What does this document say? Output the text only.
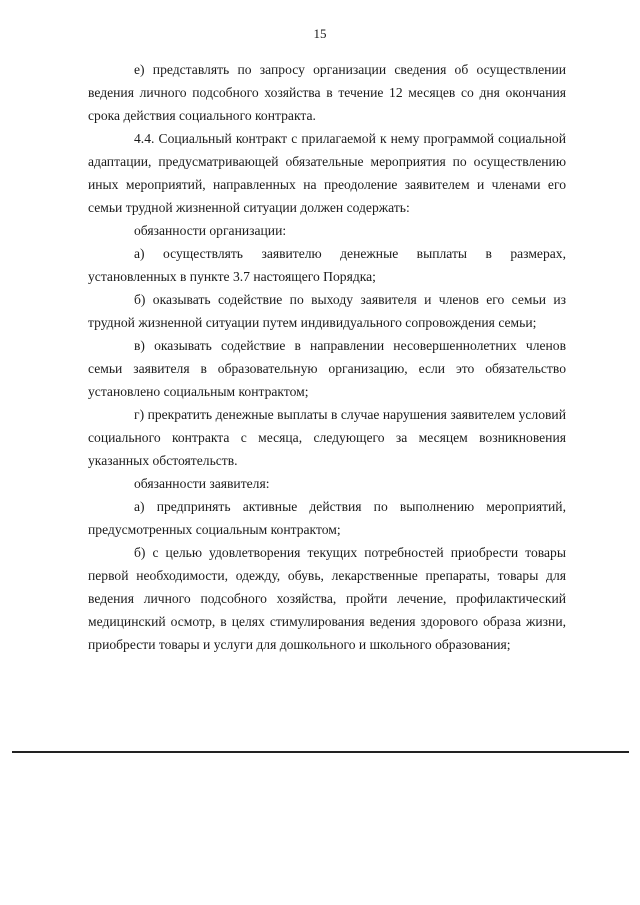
15

е) представлять по запросу организации сведения об осуществлении ведения личного подсобного хозяйства в течение 12 месяцев со дня окончания срока действия социального контракта.

4.4. Социальный контракт с прилагаемой к нему программой социальной адаптации, предусматривающей обязательные мероприятия по осуществлению иных мероприятий, направленных на преодоление заявителем и членами его семьи трудной жизненной ситуации должен содержать:

обязанности организации:

а) осуществлять заявителю денежные выплаты в размерах, установленных в пункте 3.7 настоящего Порядка;

б) оказывать содействие по выходу заявителя и членов его семьи из трудной жизненной ситуации путем индивидуального сопровождения семьи;

в) оказывать содействие в направлении несовершеннолетних членов семьи заявителя в образовательную организацию, если это обязательство установлено социальным контрактом;

г) прекратить денежные выплаты в случае нарушения заявителем условий социального контракта с месяца, следующего за месяцем возникновения указанных обстоятельств.

обязанности заявителя:

а) предпринять активные действия по выполнению мероприятий, предусмотренных социальным контрактом;

б) с целью удовлетворения текущих потребностей приобрести товары первой необходимости, одежду, обувь, лекарственные препараты, товары для ведения личного подсобного хозяйства, пройти лечение, профилактический медицинский осмотр, в целях стимулирования ведения здорового образа жизни, приобрести товары и услуги для дошкольного и школьного образования;
